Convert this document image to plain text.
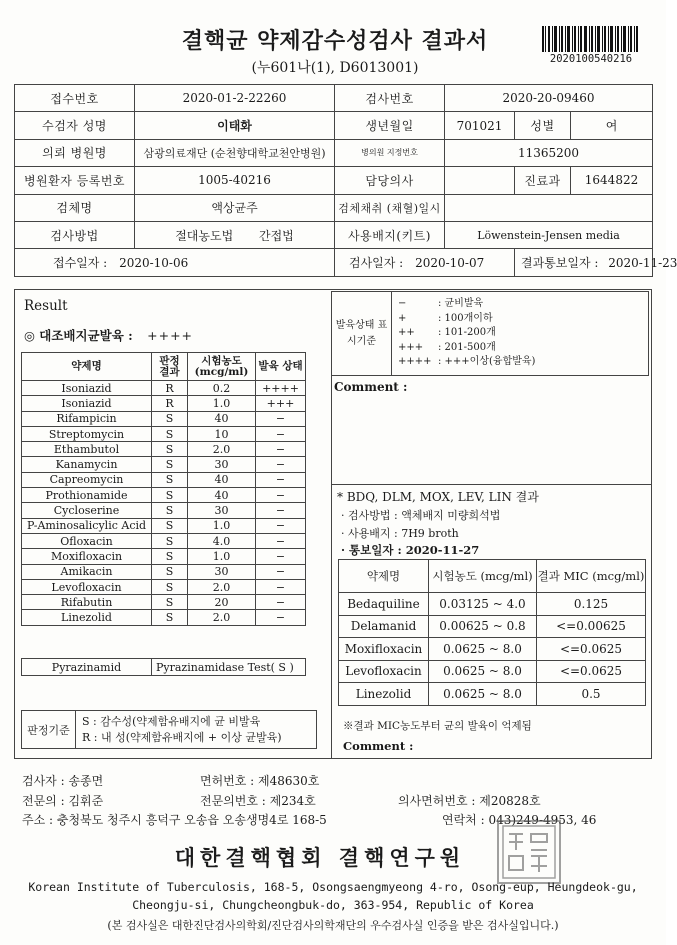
결핵균 약제감수성검사 결과서
(누601나(1), D6013001)
2020100540216
접수번호	2020-01-2-22260	검사번호	2020-20-09460		
수검자 성명	이태화	생년월일	701021	성별	여
의뢰 병원명	삼광의료재단 (순천향대학교천안병원)	병의원 지정번호	11365200		
병원환자 등록번호	1005-40216	담당의사		진료과	1644822
검체명	액상균주	검체채취 (채혈)일시			
검사방법	절대농도법 간접법	사용배지(키트)	Löwenstein-Jensen media		
접수일자 : 2020-10-06		검사일자 : 2020-10-07		결과통보일자 : 2020-11-23	
Result
◎ 대조배지균발육 : ++++
약제명	판정 결과	시험농도 (mcg/ml)	발육 상태
Isoniazid	R	0.2	++++
Isoniazid	R	1.0	+++
Rifampicin	S	40	−
Streptomycin	S	10	−
Ethambutol	S	2.0	−
Kanamycin	S	30	−
Capreomycin	S	40	−
Prothionamide	S	40	−
Cycloserine	S	30	−
P-Aminosalicylic Acid	S	1.0	−
Ofloxacin	S	4.0	−
Moxifloxacin	S	1.0	−
Amikacin	S	30	−
Levofloxacin	S	2.0	−
Rifabutin	S	20	−
Linezolid	S	2.0	−
Pyrazinamid	Pyrazinamidase Test( S )
판정기준	
S : 감수성(약제함유배지에 균 비발육
R : 내 성(약제함유배지에 + 이상 균발육)
발육상태 표시기준	
−	: 균비발육
+	: 100개이하
++ : 101-200개
+++ : 201-500개
++++ : +++이상(융합발육)
Comment :
* BDQ, DLM, MOX, LEV, LIN 결과
· 검사방법 : 액체배지 미량희석법
· 사용배지 : 7H9 broth
· 통보일자 : 2020-11-27
약제명	시험농도 (mcg/ml)	결과 MIC (mcg/ml)
Bedaquiline	0.03125 ~ 4.0	0.125
Delamanid	0.00625 ~ 0.8	<=0.00625
Moxifloxacin	0.0625 ~ 8.0	<=0.0625
Levofloxacin	0.0625 ~ 8.0	<=0.0625
Linezolid	0.0625 ~ 8.0	0.5
※결과 MIC농도부터 균의 발육이 억제됨
Comment :
검사자 : 송종면	면허번호 : 제48630호
전문의 : 김휘준	전문의번호 : 제234호	의사면허번호 : 제20828호
주소 : 충청북도 청주시 흥덕구 오송읍 오송생명4로 168-5	연락처 : 043)249-4953, 46
대한결핵협회 결핵연구원
Korean Institute of Tuberculosis, 168-5, Osongsaengmyeong 4-ro, Osong-eup, Heungdeok-gu,
Cheongju-si, Chungcheongbuk-do, 363-954, Republic of Korea
(본 검사실은 대한진단검사의학회/진단검사의학재단의 우수검사실 인증을 받은 검사실입니다.)
